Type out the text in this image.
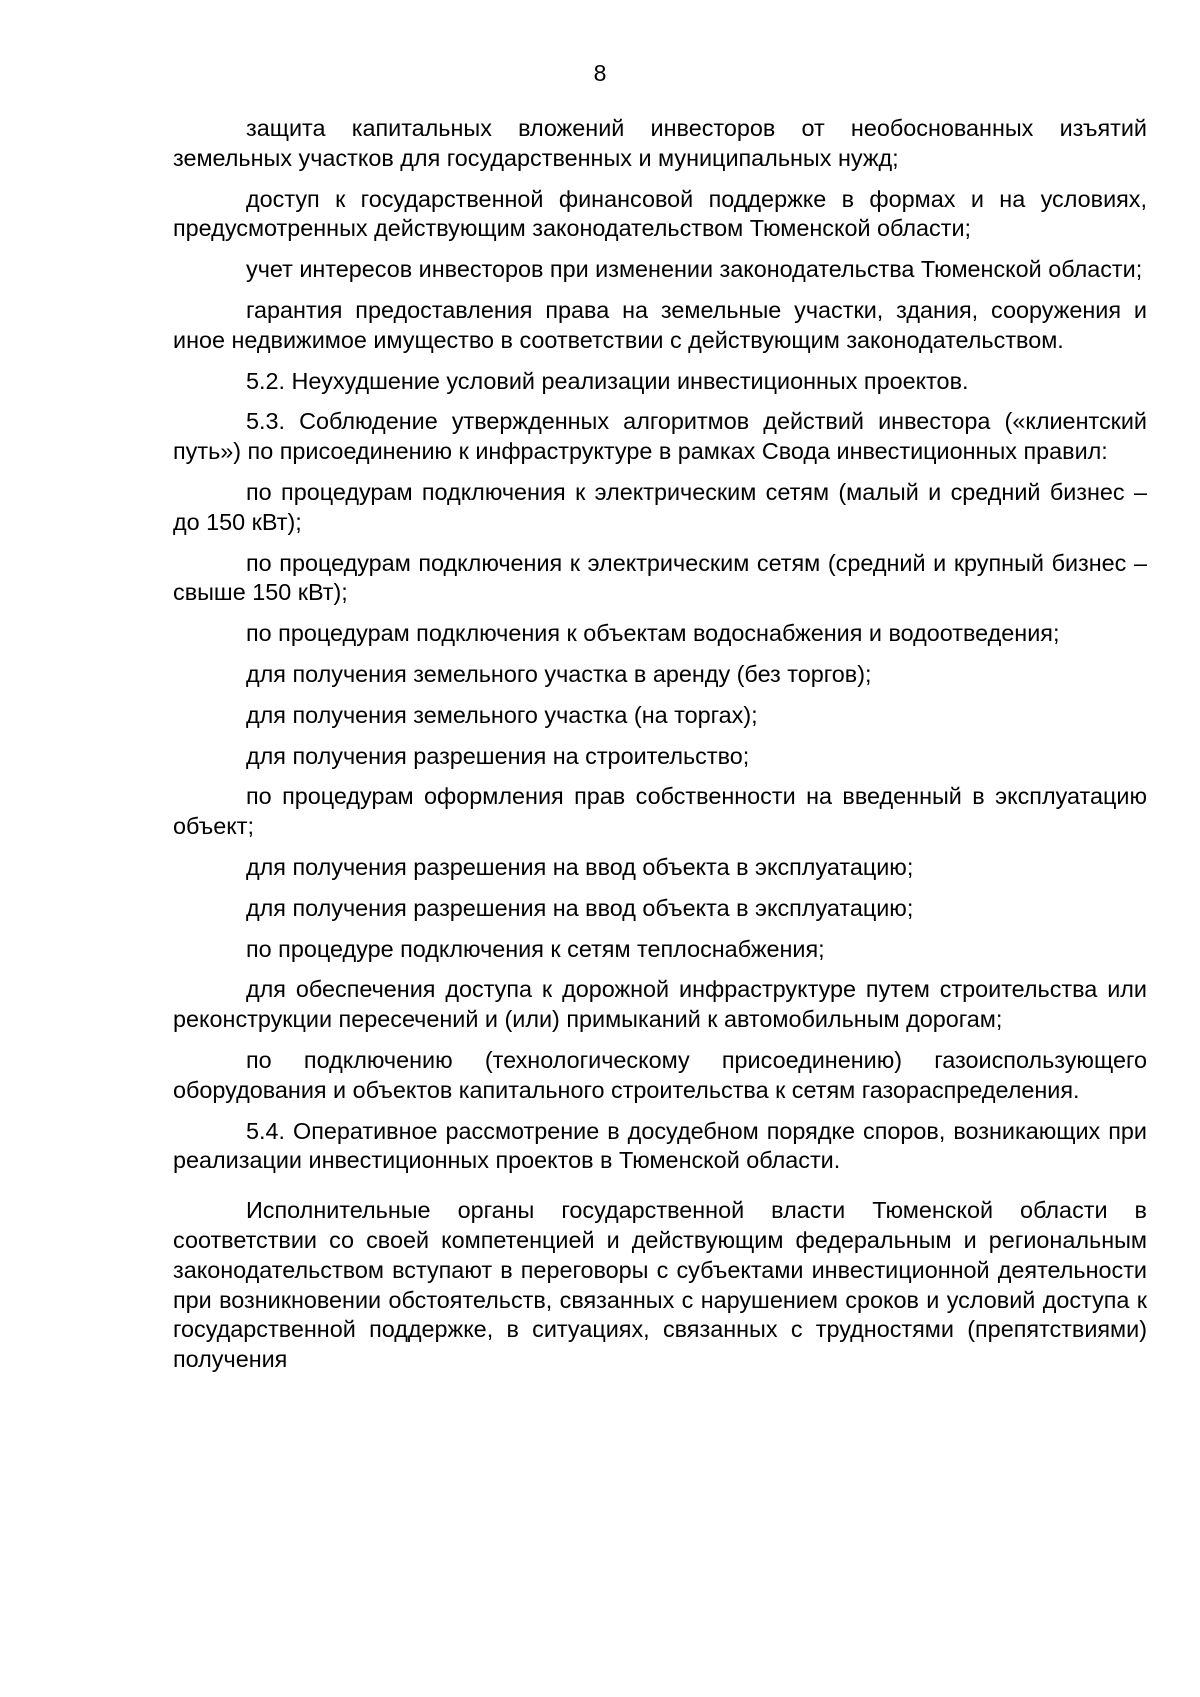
8

защита капитальных вложений инвесторов от необоснованных изъятий земельных участков для государственных и муниципальных нужд;

доступ к государственной финансовой поддержке в формах и на условиях, предусмотренных действующим законодательством Тюменской области;

учет интересов инвесторов при изменении законодательства Тюменской области;

гарантия предоставления права на земельные участки, здания, сооружения и иное недвижимое имущество в соответствии с действующим законодательством.

5.2. Неухудшение условий реализации инвестиционных проектов.

5.3. Соблюдение утвержденных алгоритмов действий инвестора («клиентский путь») по присоединению к инфраструктуре в рамках Свода инвестиционных правил:

по процедурам подключения к электрическим сетям (малый и средний бизнес – до 150 кВт);

по процедурам подключения к электрическим сетям (средний и крупный бизнес – свыше 150 кВт);

по процедурам подключения к объектам водоснабжения и водоотведения;

для получения земельного участка в аренду (без торгов);

для получения земельного участка (на торгах);

для получения разрешения на строительство;

по процедурам оформления прав собственности на введенный в эксплуатацию объект;

для получения разрешения на ввод объекта в эксплуатацию;

для получения разрешения на ввод объекта в эксплуатацию;

по процедуре подключения к сетям теплоснабжения;

для обеспечения доступа к дорожной инфраструктуре путем строительства или реконструкции пересечений и (или) примыканий к автомобильным дорогам;

по подключению (технологическому присоединению) газоиспользующего оборудования и объектов капитального строительства к сетям газораспределения.

5.4. Оперативное рассмотрение в досудебном порядке споров, возникающих при реализации инвестиционных проектов в Тюменской области.

Исполнительные органы государственной власти Тюменской области в соответствии со своей компетенцией и действующим федеральным и региональным законодательством вступают в переговоры с субъектами инвестиционной деятельности при возникновении обстоятельств, связанных с нарушением сроков и условий доступа к государственной поддержке, в ситуациях, связанных с трудностями (препятствиями) получения
